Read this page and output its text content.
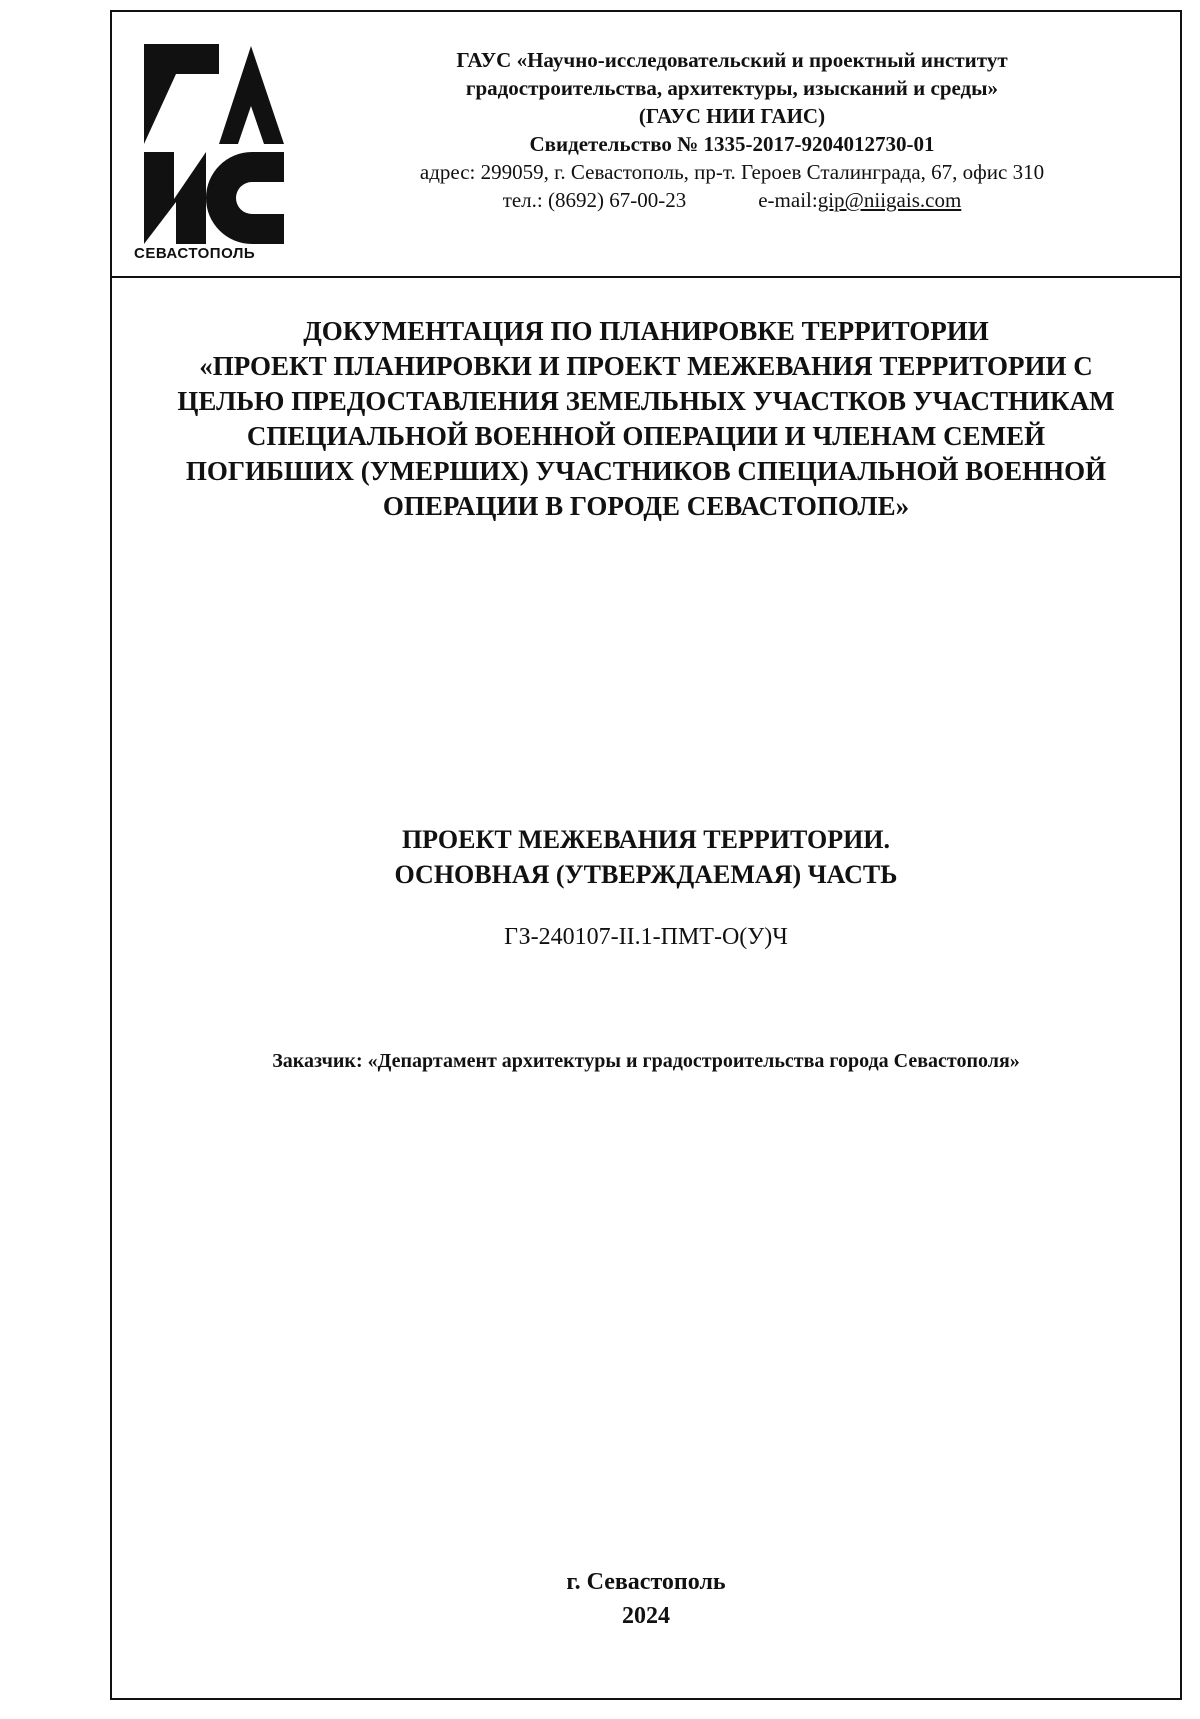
СЕВАСТОПОЛЬ
ГАУС «Научно-исследовательский и проектный институт
градостроительства, архитектуры, изысканий и среды»
(ГАУС НИИ ГАИС)
Свидетельство № 1335-2017-9204012730-01
адрес: 299059, г. Севастополь, пр-т. Героев Сталинграда, 67, офис 310
тел.: (8692) 67-00-23	e-mail:gip@niigais.com
ДОКУМЕНТАЦИЯ ПО ПЛАНИРОВКЕ ТЕРРИТОРИИ
«ПРОЕКТ ПЛАНИРОВКИ И ПРОЕКТ МЕЖЕВАНИЯ ТЕРРИТОРИИ С
ЦЕЛЬЮ ПРЕДОСТАВЛЕНИЯ ЗЕМЕЛЬНЫХ УЧАСТКОВ УЧАСТНИКАМ
СПЕЦИАЛЬНОЙ ВОЕННОЙ ОПЕРАЦИИ И ЧЛЕНАМ СЕМЕЙ
ПОГИБШИХ (УМЕРШИХ) УЧАСТНИКОВ СПЕЦИАЛЬНОЙ ВОЕННОЙ
ОПЕРАЦИИ В ГОРОДЕ СЕВАСТОПОЛЕ»
ПРОЕКТ МЕЖЕВАНИЯ ТЕРРИТОРИИ.
ОСНОВНАЯ (УТВЕРЖДАЕМАЯ) ЧАСТЬ
ГЗ-240107-II.1-ПМТ-О(У)Ч
Заказчик: «Департамент архитектуры и градостроительства города Севастополя»
г. Севастополь
2024
